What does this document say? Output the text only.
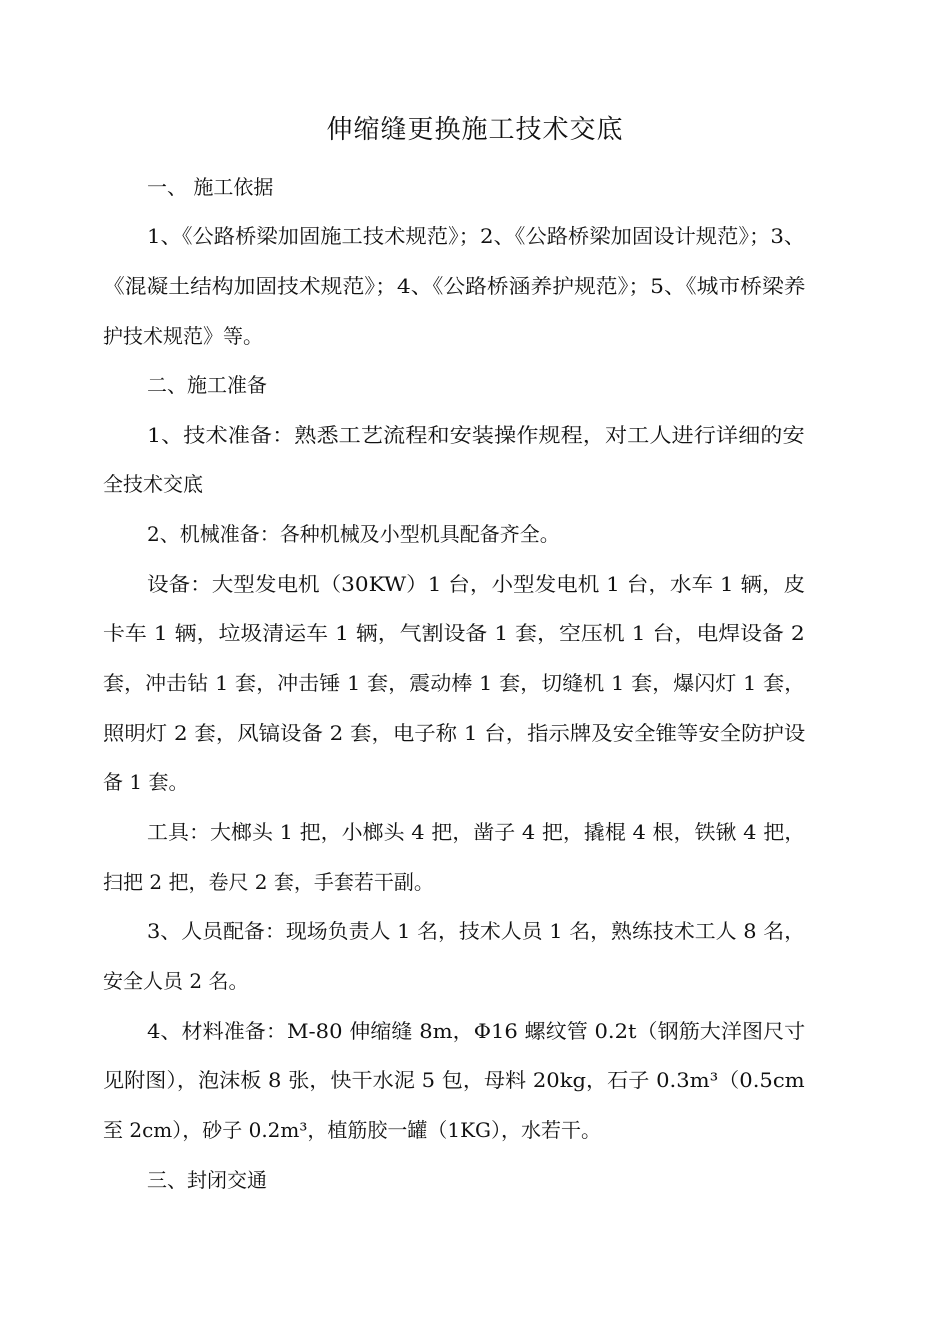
伸缩缝更换施工技术交底
一、 施工依据
1、《公路桥梁加固施工技术规范》；2、《公路桥梁加固设计规范》；3、
《混凝土结构加固技术规范》；4、《公路桥涵养护规范》；5、《城市桥梁养
护技术规范》等。
二、施工准备
1、技术准备：熟悉工艺流程和安装操作规程，对工人进行详细的安
全技术交底
2、机械准备：各种机械及小型机具配备齐全。
设备：大型发电机（30KW）1 台，小型发电机 1 台，水车 1 辆，皮
卡车 1 辆，垃圾清运车 1 辆，气割设备 1 套，空压机 1 台，电焊设备 2
套，冲击钻 1 套，冲击锤 1 套，震动棒 1 套，切缝机 1 套，爆闪灯 1 套，
照明灯 2 套，风镐设备 2 套，电子称 1 台，指示牌及安全锥等安全防护设
备 1 套。
工具：大榔头 1 把，小榔头 4 把，凿子 4 把，撬棍 4 根，铁锹 4 把，
扫把 2 把，卷尺 2 套，手套若干副。
3、人员配备：现场负责人 1 名，技术人员 1 名，熟练技术工人 8 名，
安全人员 2 名。
4、材料准备：M-80 伸缩缝 8m，Φ16 螺纹管 0.2t（钢筋大洋图尺寸
见附图），泡沫板 8 张，快干水泥 5 包，母料 20kg，石子 0.3m³（0.5cm
至 2cm），砂子 0.2m³，植筋胶一罐（1KG），水若干。
三、封闭交通
